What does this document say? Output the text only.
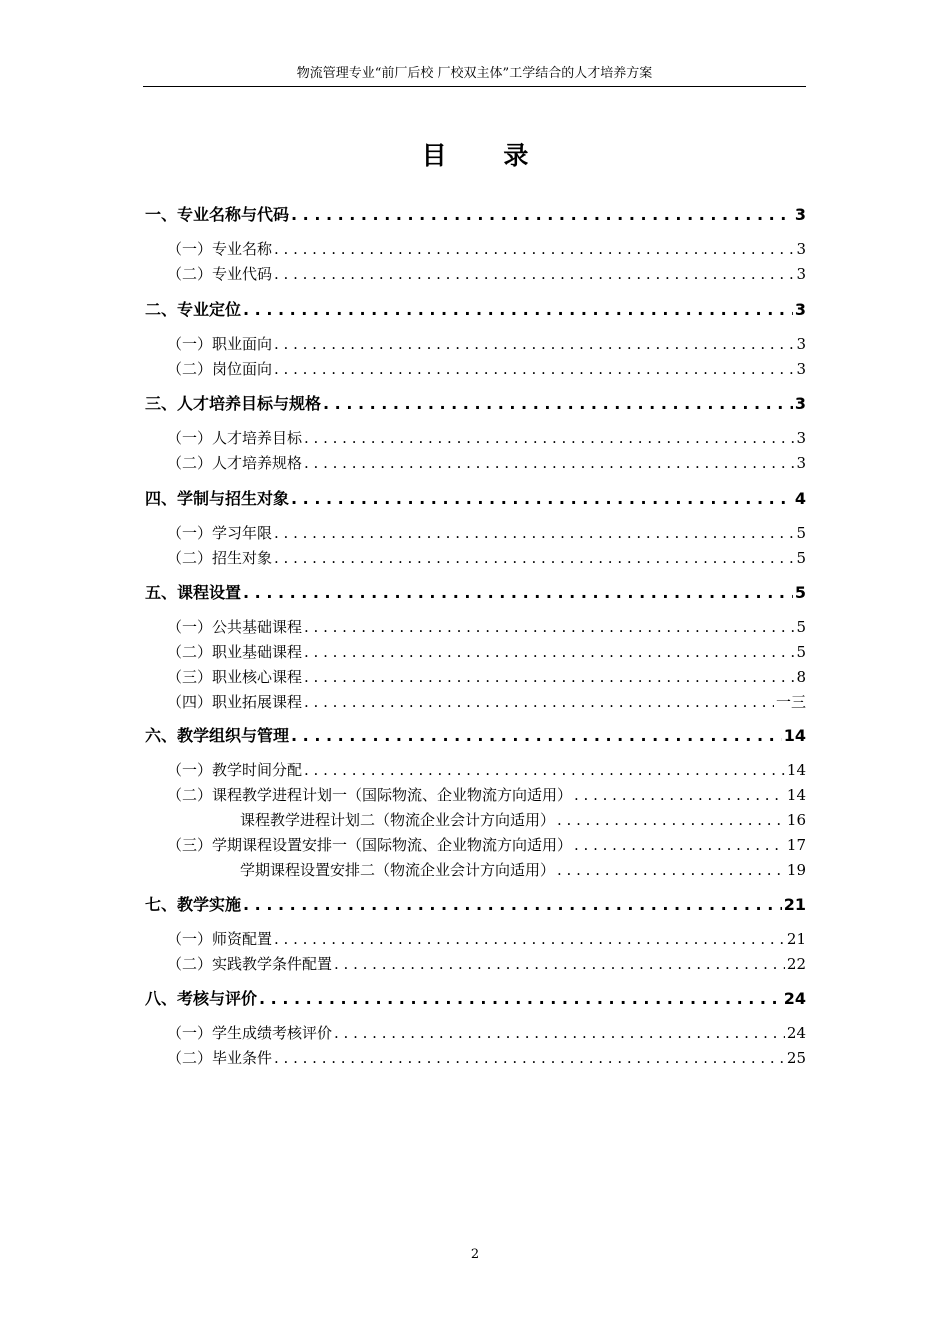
物流管理专业“前厂后校 厂校双主体”工学结合的人才培养方案
目 录
一、专业名称与代码 . . .	3
（一）专业名称 . . .	3
（二）专业代码 . . .	3
二、专业定位 . . .	3
（一）职业面向 . . .	3
（二）岗位面向 . . .	3
三、人才培养目标与规格 . . .	3
（一）人才培养目标 . . .	3
（二）人才培养规格 . . .	3
四、学制与招生对象 . . .	4
（一）学习年限 . . .	5
（二）招生对象 . . .	5
五、课程设置 . . .	5
（一）公共基础课程 . . .	5
（二）职业基础课程 . . .	5
（三）职业核心课程 . . .	8
（四）职业拓展课程 . . .	一三
六、教学组织与管理 . . .	14
（一）教学时间分配 . . .	14
（二）课程教学进程计划一（国际物流、企业物流方向适用） . . .	14
课程教学进程计划二（物流企业会计方向适用） . . .	16
（三）学期课程设置安排一（国际物流、企业物流方向适用） . . .	17
学期课程设置安排二（物流企业会计方向适用） . . .	19
七、教学实施 . . .	21
（一）师资配置 . . .	21
（二）实践教学条件配置 . . .	22
八、考核与评价 . . .	24
（一）学生成绩考核评价 . . .	24
（二）毕业条件 . . .	25
2
